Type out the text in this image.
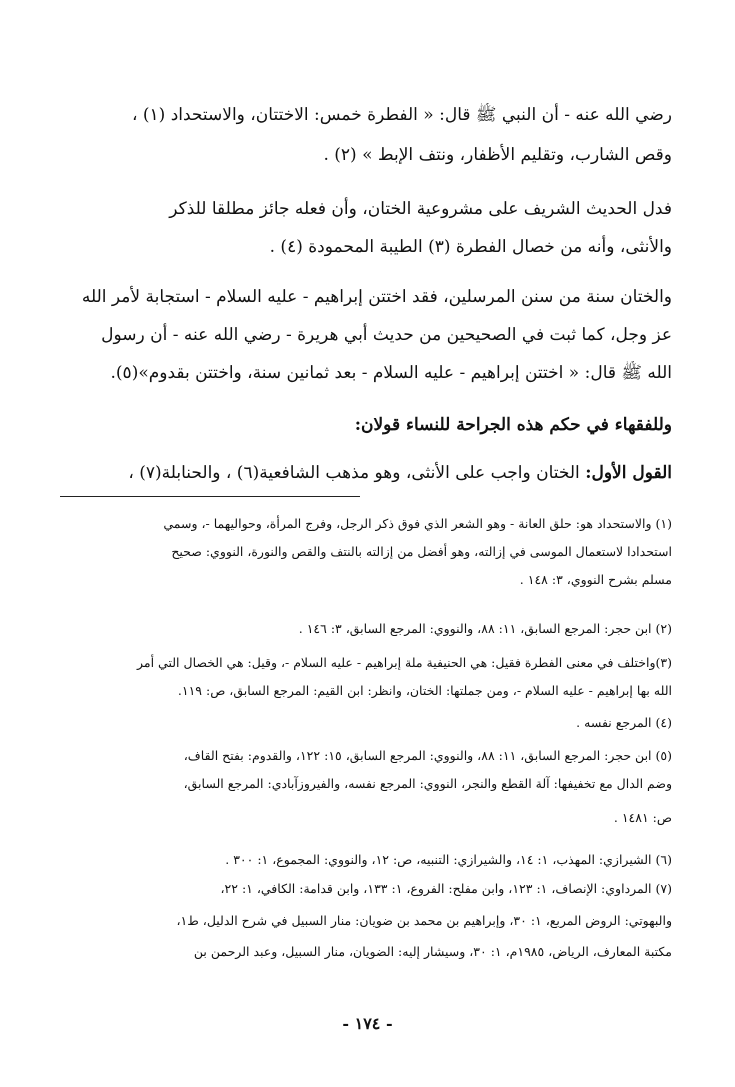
رضي الله عنه - أن النبي ﷺ قال: « الفطرة خمس: الاختتان، والاستحداد (١) ،
وقص الشارب، وتقليم الأظفار، ونتف الإبط » (٢) .
فدل الحديث الشريف على مشروعية الختان، وأن فعله جائز مطلقا للذكر
والأنثى، وأنه من خصال الفطرة (٣) الطيبة المحمودة (٤) .
والختان سنة من سنن المرسلين، فقد اختتن إبراهيم - عليه السلام - استجابة لأمر الله
عز وجل، كما ثبت في الصحيحين من حديث أبي هريرة - رضي الله عنه - أن رسول
الله ﷺ قال: « اختتن إبراهيم - عليه السلام - بعد ثمانين سنة، واختتن بقدوم»(٥).
وللفقهاء في حكم هذه الجراحة للنساء قولان:
القول الأول: الختان واجب على الأنثى، وهو مذهب الشافعية(٦) ، والحنابلة(٧) ،
(١) والاستحداد هو: حلق العانة - وهو الشعر الذي فوق ذكر الرجل، وفرج المرأة، وحواليهما -، وسمي
استحدادا لاستعمال الموسى في إزالته، وهو أفضل من إزالته بالنتف والقص والنورة، النووي: صحيح
مسلم بشرح النووي، ٣: ١٤٨ .
(٢) ابن حجر: المرجع السابق، ١١: ٨٨، والنووي: المرجع السابق، ٣: ١٤٦ .
(٣)واختلف في معنى الفطرة فقيل: هي الحنيفية ملة إبراهيم - عليه السلام -، وقيل: هي الخصال التي أمر
الله بها إبراهيم - عليه السلام -، ومن جملتها: الختان، وانظر: ابن القيم: المرجع السابق، ص: ١١٩.
(٤) المرجع نفسه .
(٥) ابن حجر: المرجع السابق، ١١: ٨٨، والنووي: المرجع السابق، ١٥: ١٢٢، والقدوم: بفتح القاف،
وضم الدال مع تخفيفها: آلة القطع والنجر، النووي: المرجع نفسه، والفيروزآبادي: المرجع السابق،
ص: ١٤٨١ .
(٦) الشيرازي: المهذب، ١: ١٤، والشيرازي: التنبيه، ص: ١٢، والنووي: المجموع، ١: ٣٠٠ .
(٧) المرداوي: الإنصاف، ١: ١٢٣، وابن مفلح: الفروع، ١: ١٣٣، وابن قدامة: الكافي، ١: ٢٢،
والبهوتي: الروض المربع، ١: ٣٠، وإبراهيم بن محمد بن ضويان: منار السبيل في شرح الدليل، ط١،
مكتبة المعارف، الرياض، ١٩٨٥م، ١: ٣٠، وسيشار إليه: الضويان، منار السبيل، وعبد الرحمن بن
- ١٧٤ -
